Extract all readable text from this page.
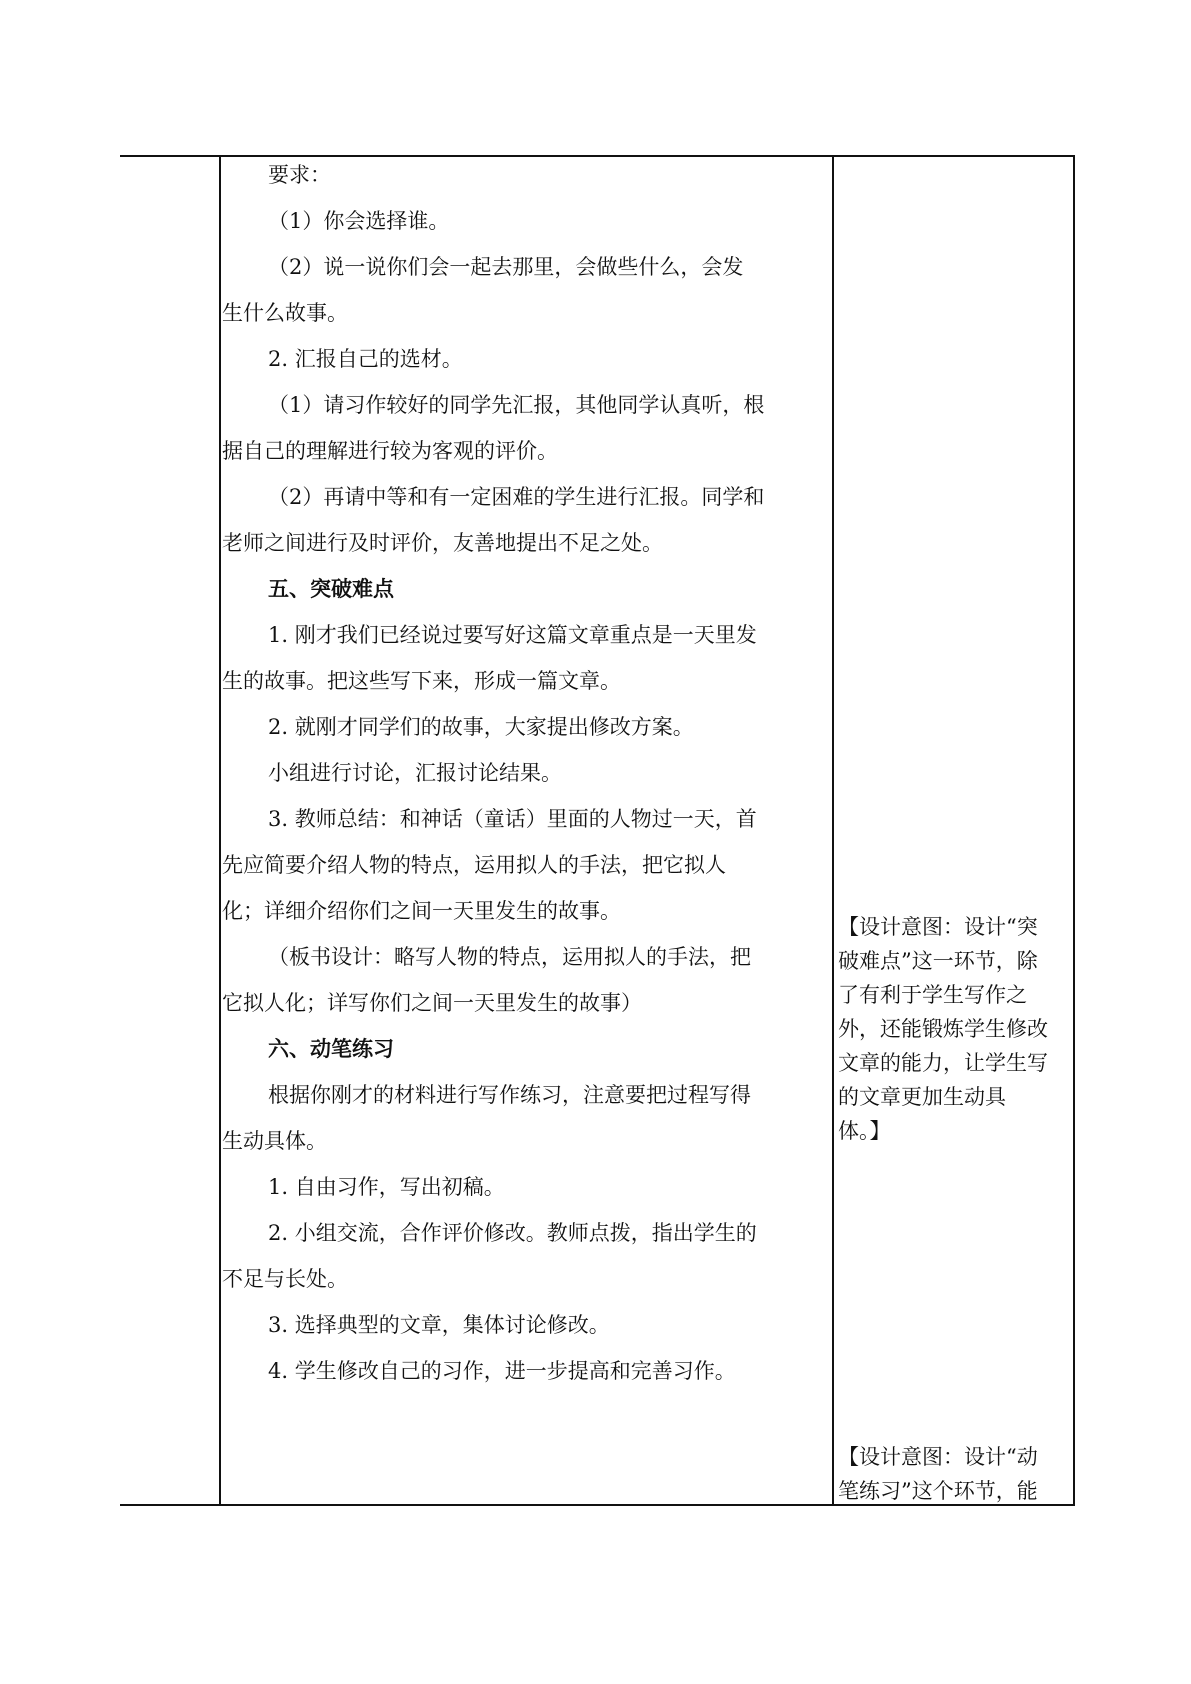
要求：
（1）你会选择谁。
（2）说一说你们会一起去那里，会做些什么，会发
生什么故事。
2. 汇报自己的选材。
（1）请习作较好的同学先汇报，其他同学认真听，根
据自己的理解进行较为客观的评价。
（2）再请中等和有一定困难的学生进行汇报。同学和
老师之间进行及时评价，友善地提出不足之处。
五、突破难点
1. 刚才我们已经说过要写好这篇文章重点是一天里发
生的故事。把这些写下来，形成一篇文章。
2. 就刚才同学们的故事，大家提出修改方案。
小组进行讨论，汇报讨论结果。
3. 教师总结：和神话（童话）里面的人物过一天，首
先应简要介绍人物的特点，运用拟人的手法，把它拟人
化；详细介绍你们之间一天里发生的故事。
（板书设计：略写人物的特点，运用拟人的手法，把
它拟人化；详写你们之间一天里发生的故事）
六、动笔练习
根据你刚才的材料进行写作练习，注意要把过程写得
生动具体。
1. 自由习作，写出初稿。
2. 小组交流，合作评价修改。教师点拨，指出学生的
不足与长处。
3. 选择典型的文章，集体讨论修改。
4. 学生修改自己的习作，进一步提高和完善习作。
【设计意图：设计“突
破难点”这一环节，除
了有利于学生写作之
外，还能锻炼学生修改
文章的能力，让学生写
的文章更加生动具
体。】
【设计意图：设计“动
笔练习”这个环节，能
